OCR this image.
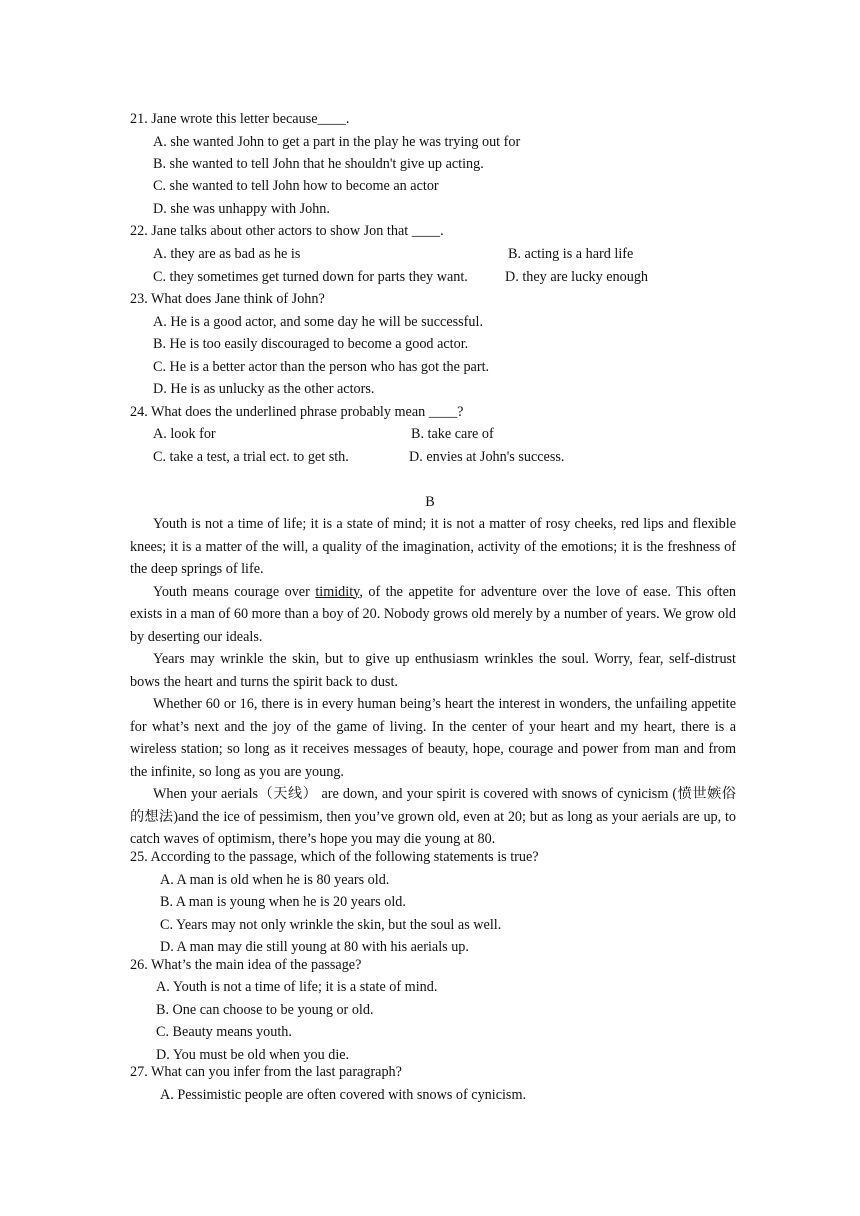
21. Jane wrote this letter because____.
A. she wanted John to get a part in the play he was trying out for
B. she wanted to tell John that he shouldn't give up acting.
C. she wanted to tell John how to become an actor
D. she was unhappy with John.
22. Jane talks about other actors to show Jon that ____.
A. they are as bad as he is	B. acting is a hard life
C. they sometimes get turned down for parts they want.	D. they are lucky enough
23. What does Jane think of John?
A. He is a good actor, and some day he will be successful.
B. He is too easily discouraged to become a good actor.
C. He is a better actor than the person who has got the part.
D. He is as unlucky as the other actors.
24. What does the underlined phrase probably mean ____?
A. look for	B. take care of
C. take a test, a trial ect. to get sth.	D. envies at John's success.
B

Youth is not a time of life; it is a state of mind; it is not a matter of rosy cheeks, red lips and flexible knees; it is a matter of the will, a quality of the imagination, activity of the emotions; it is the freshness of the deep springs of life.

Youth means courage over timidity, of the appetite for adventure over the love of ease. This often exists in a man of 60 more than a boy of 20. Nobody grows old merely by a number of years. We grow old by deserting our ideals.

Years may wrinkle the skin, but to give up enthusiasm wrinkles the soul. Worry, fear, self-distrust bows the heart and turns the spirit back to dust.

Whether 60 or 16, there is in every human being’s heart the interest in wonders, the unfailing appetite for what’s next and the joy of the game of living. In the center of your heart and my heart, there is a wireless station; so long as it receives messages of beauty, hope, courage and power from man and from the infinite, so long as you are young.

When your aerials（天线） are down, and your spirit is covered with snows of cynicism (愤世嫉俗的想法)and the ice of pessimism, then you’ve grown old, even at 20; but as long as your aerials are up, to catch waves of optimism, there’s hope you may die young at 80.

25. According to the passage, which of the following statements is true?
A. A man is old when he is 80 years old.
B. A man is young when he is 20 years old.
C. Years may not only wrinkle the skin, but the soul as well.
D. A man may die still young at 80 with his aerials up.
26. What’s the main idea of the passage?
A. Youth is not a time of life; it is a state of mind.
B. One can choose to be young or old.
C. Beauty means youth.
D. You must be old when you die.
27. What can you infer from the last paragraph?
A. Pessimistic people are often covered with snows of cynicism.
